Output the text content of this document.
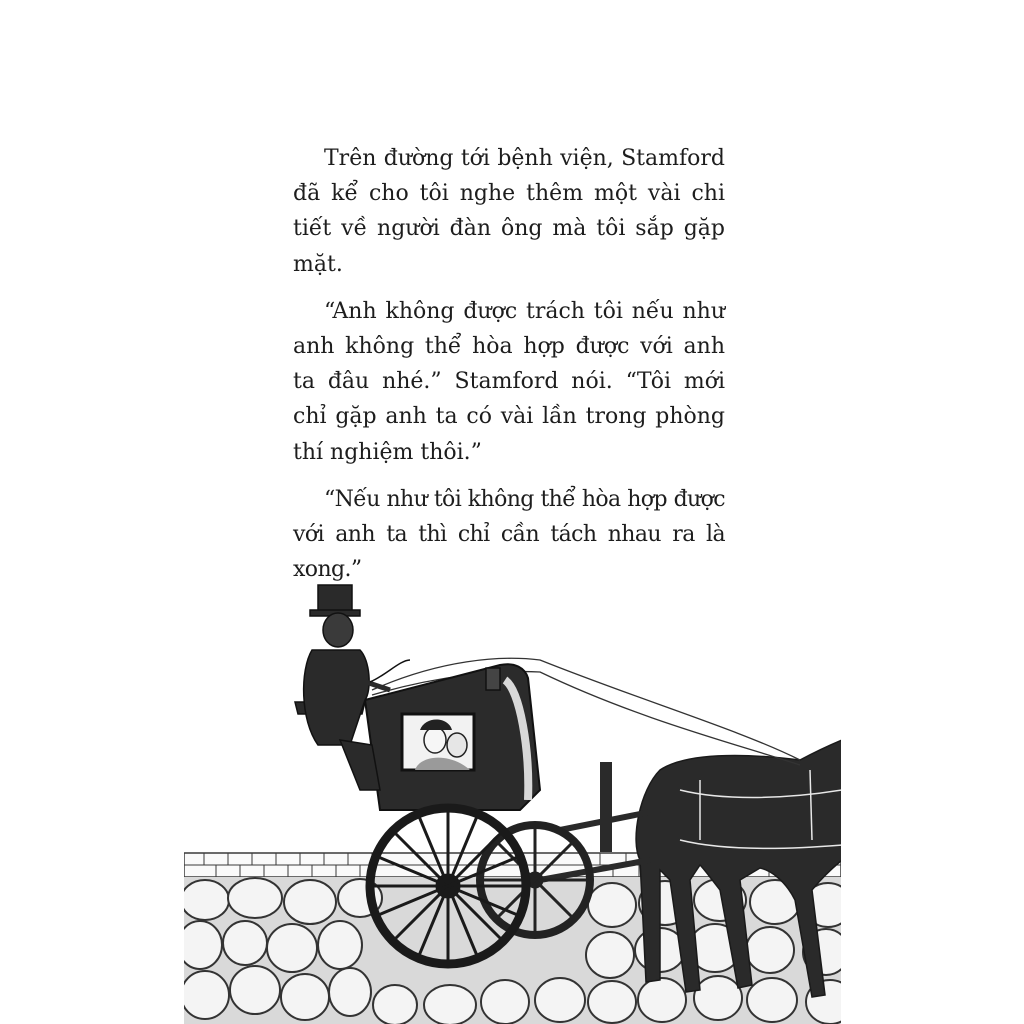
Trên đường tới bệnh viện, Stamford đã kể cho tôi nghe thêm một vài chi tiết về người đàn ông mà tôi sắp gặp mặt.

“Anh không được trách tôi nếu như anh không thể hòa hợp được với anh ta đâu nhé.” Stamford nói. “Tôi mới chỉ gặp anh ta có vài lần trong phòng thí nghiệm thôi.”

“Nếu như tôi không thể hòa hợp được với anh ta thì chỉ cần tách nhau ra là xong.”
